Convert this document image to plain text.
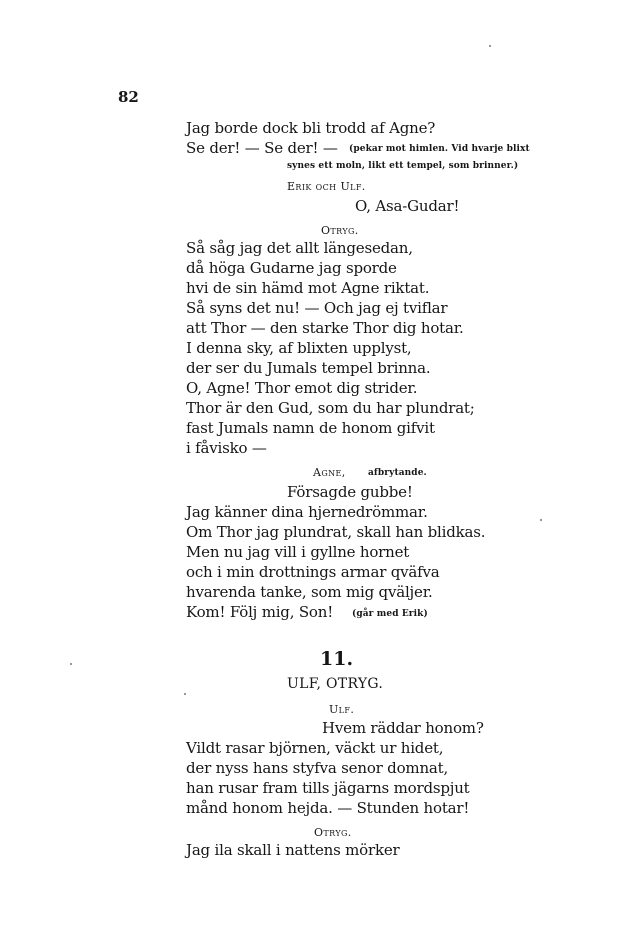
82
Jag borde dock bli trodd af Agne?
Se der! — Se der! — (pekar mot himlen. Vid hvarje blixt
synes ett moln, likt ett tempel, som brinner.)
Erik och Ulf.
O, Asa-Gudar!
Otryg.
Så såg jag det allt längesedan,
då höga Gudarne jag sporde
hvi de sin hämd mot Agne riktat.
Så syns det nu! — Och jag ej tviflar
att Thor — den starke Thor dig hotar.
I denna sky, af blixten upplyst,
der ser du Jumals tempel brinna.
O, Agne! Thor emot dig strider.
Thor är den Gud, som du har plundrat;
fast Jumals namn de honom gifvit
i fåvisko —
Agne, afbrytande.
Försagde gubbe!
Jag känner dina hjernedrömmar.
Om Thor jag plundrat, skall han blidkas.
Men nu jag vill i gyllne hornet
och i min drottnings armar qväfva
hvarenda tanke, som mig qväljer.
Kom! Följ mig, Son! (går med Erik)
11.
ULF, OTRYG.
Ulf.
Hvem räddar honom?
Vildt rasar björnen, väckt ur hidet,
der nyss hans styfva senor domnat,
han rusar fram tills jägarns mordspjut
månd honom hejda. — Stunden hotar!
Otryg.
Jag ila skall i nattens mörker
